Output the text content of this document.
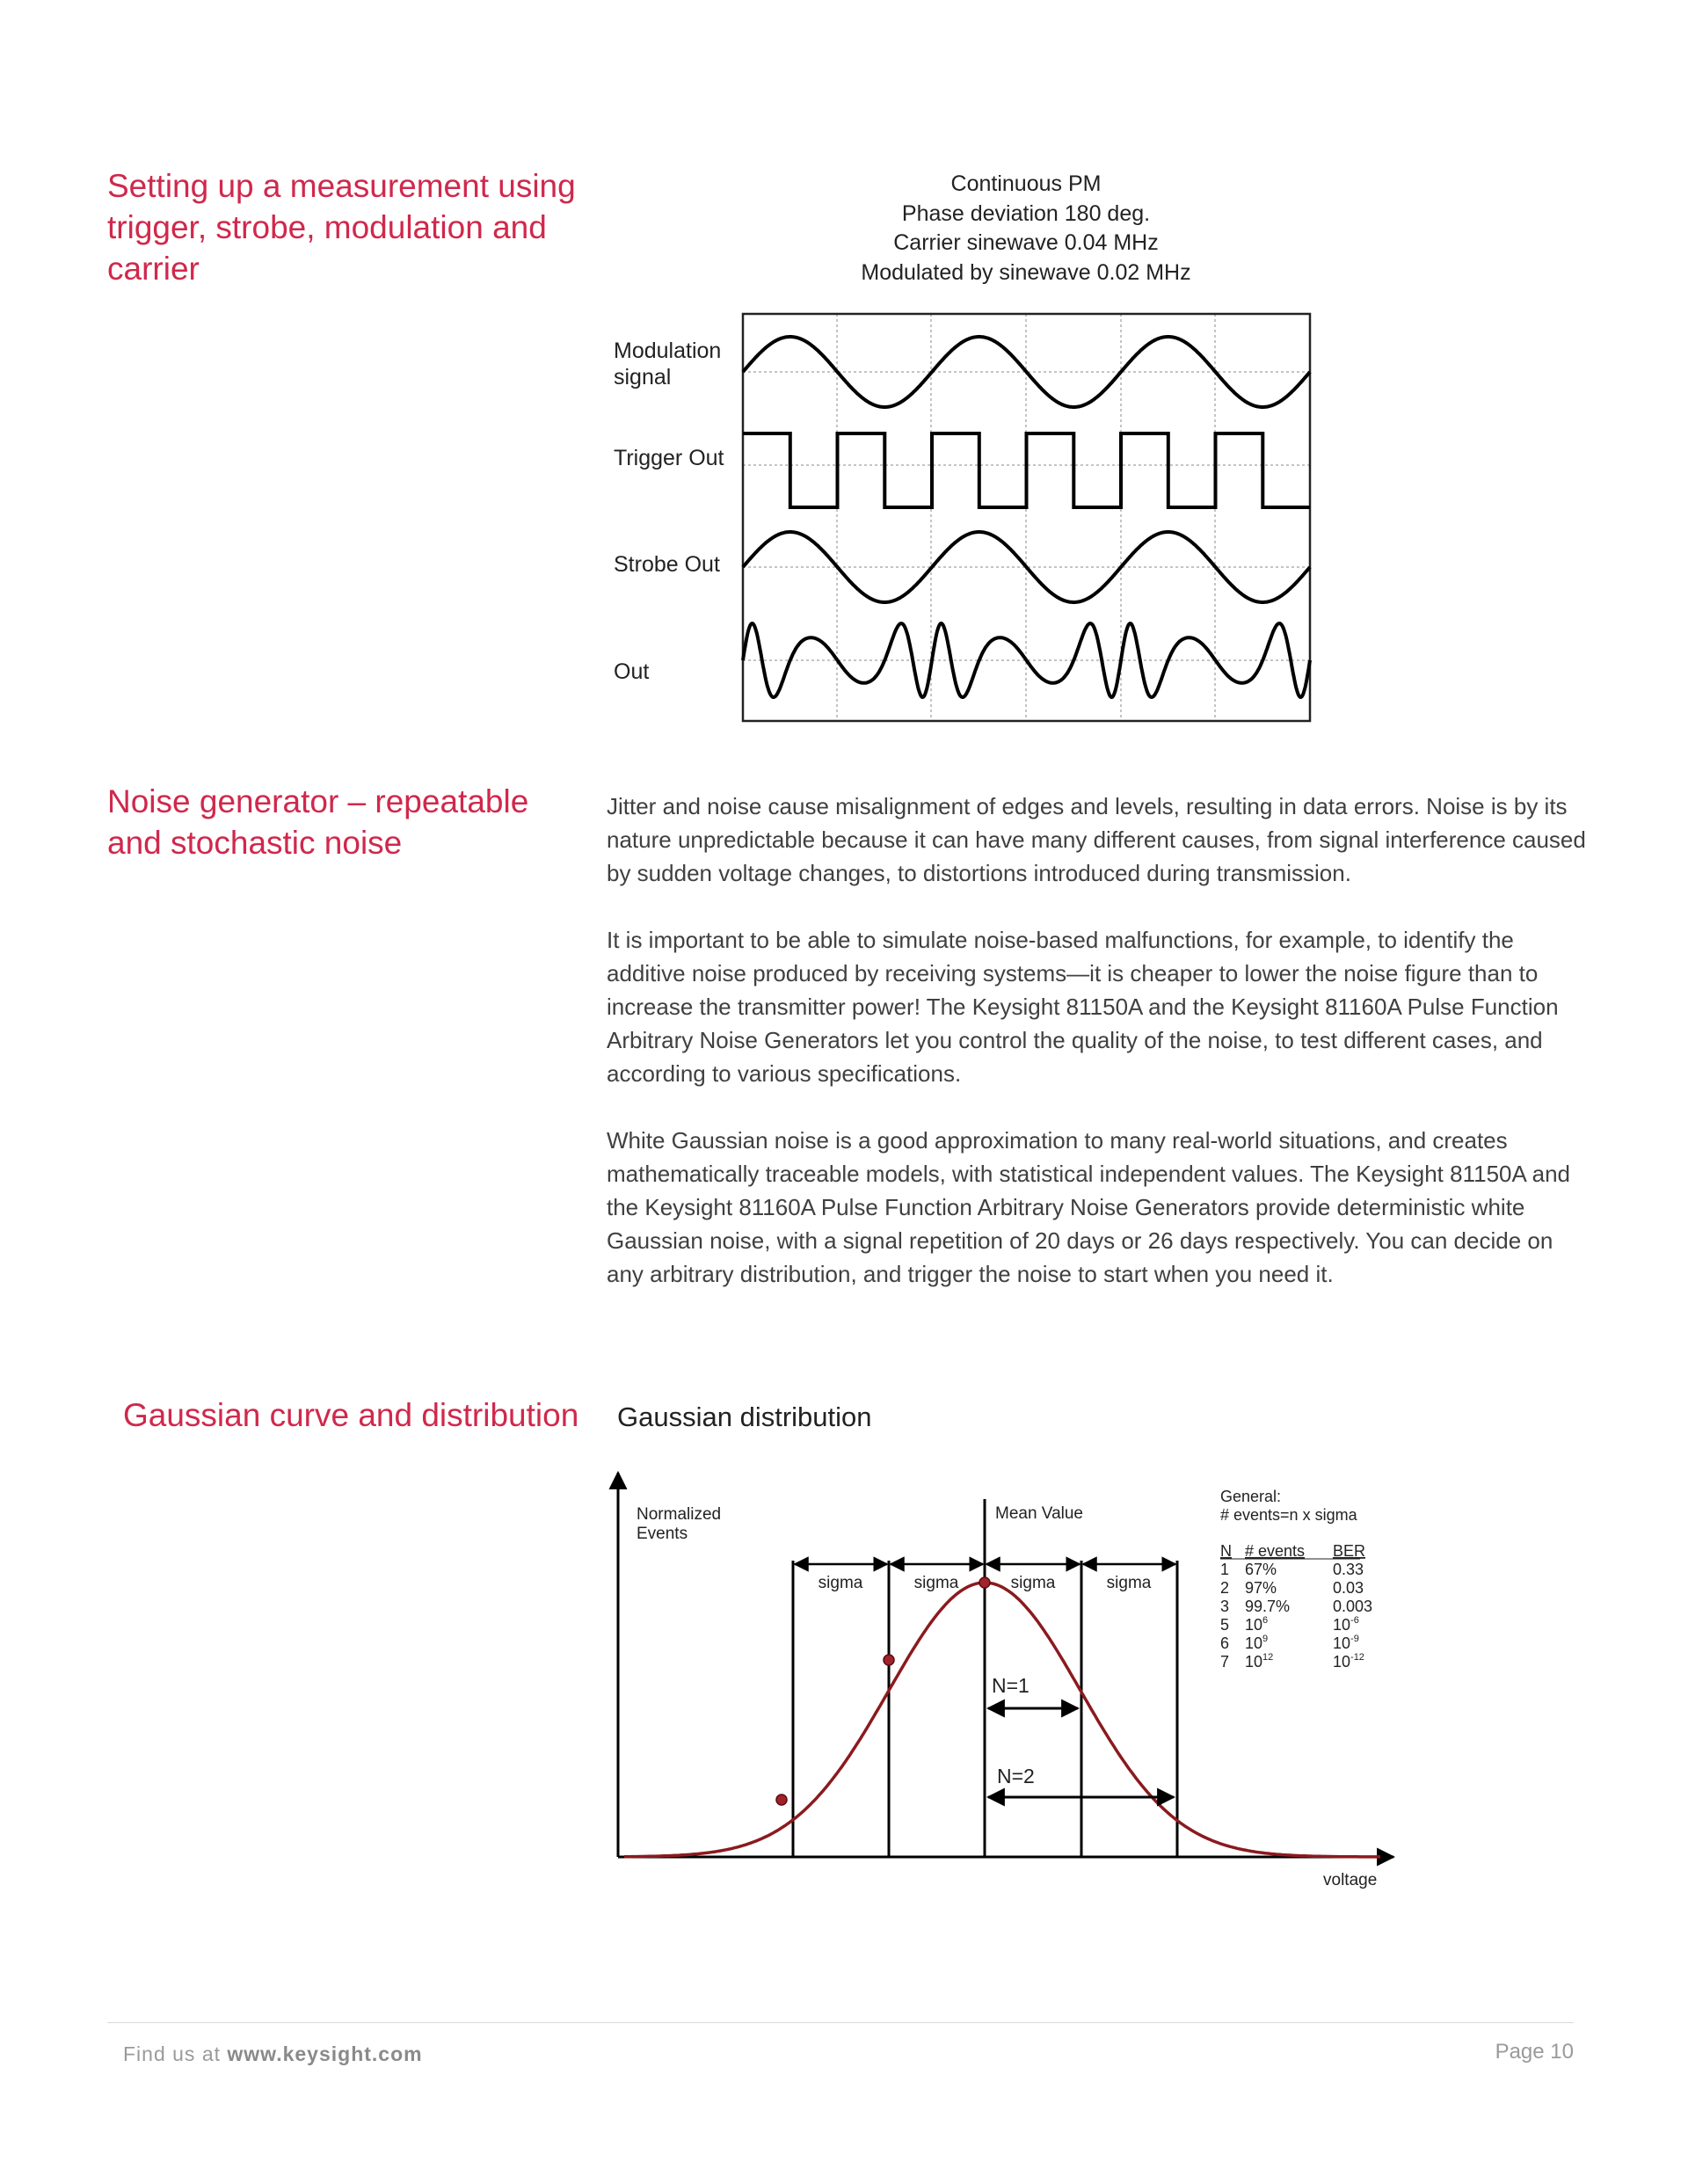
Setting up a measurement using trigger, strobe, modulation and carrier
Noise generator – repeatable and stochastic noise
Gaussian curve and distribution
Continuous PM
Phase deviation 180 deg.
Carrier sinewave 0.04 MHz
Modulated by sinewave 0.02 MHz
Modulation
signal
Trigger Out
Strobe Out
Out

Jitter and noise cause misalignment of edges and levels, resulting in data errors. Noise is by its nature unpredictable because it can have many different causes, from signal interference caused by sudden voltage changes, to distortions introduced during transmission.

It is important to be able to simulate noise-based malfunctions, for example, to identify the additive noise produced by receiving systems—it is cheaper to lower the noise figure than to increase the transmitter power! The Keysight 81150A and the Keysight 81160A Pulse Function Arbitrary Noise Generators let you control the quality of the noise, to test different cases, and according to various specifications.

White Gaussian noise is a good approximation to many real-world situations, and creates mathematically traceable models, with statistical independent values. The Keysight 81150A and the Keysight 81160A Pulse Function Arbitrary Noise Generators provide deterministic white Gaussian noise, with a signal repetition of 20 days or 26 days respectively. You can decide on any arbitrary distribution, and trigger the noise to start when you need it.

Gaussian distribution
Normalized
Events
voltage
Mean Value
sigma	sigma	sigma	sigma
N=1
N=2
General:
# events=n x sigma
N # events BER
1 67%	0.33
2 97%	0.03
3 99.7%	0.003
5 $10^6$	$10^{-6}$
6 $10^9$	$10^{-9}$
7 $10^{12}$	$10^{-12}$
Find us at www.keysight.com	Page 10
